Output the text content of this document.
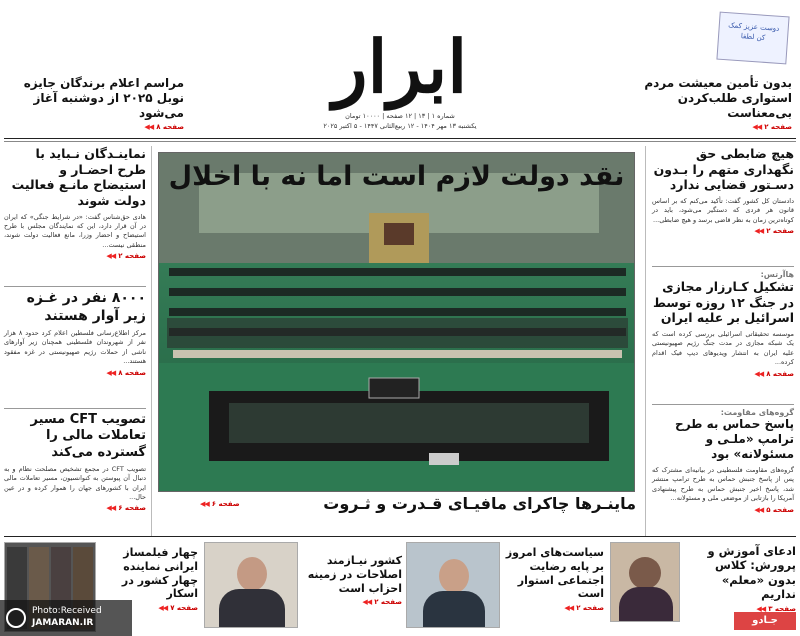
ابرار
شماره ۱ | ۱۳ | ۱۲ صفحه | ۱۰۰۰۰ تومان
یکشنبه ۱۳ مهر ۱۴۰۴ - ۱۲ ربیع‌الثانی ۱۴۴۷ - ۵ اکتبر ۲۰۲۵
دوست عزیز کمک کن لطفا
بدون تأمین معیشت مردم استواری طلب‌کردن بی‌معناست
صفحه ۲
◀◀
مراسم اعلام برندگان جایزه نوبل ۲۰۲۵ از دوشنبه آغاز می‌شود
صفحه ۸
◀◀
نقد دولت لازم است اما نه با اخلال
ماینـرها چاکرای مافیـای قـدرت و ثـروت
صفحه ۶
◀◀
هیچ ضابطی حق نگهداری متهم را بـدون دسـتور قضایی ندارد
دادستان کل کشور گفت: تأکید می‌کنم که بر اساس قانون هر فردی که دستگیر می‌شود، باید در کوتاه‌ترین زمان به نظر قاضی برسد و هیچ ضابطی...
صفحه ۲
◀◀
هاآرتس:
تشکیل کـارزار مجازی در جنگ ۱۲ روزه توسط اسرائیل بر علیه ایران
موسسه تحقیقاتی اسرائیلی بررسی کرده است که یک شبکه مجازی در مدت جنگ رژیم صهیونیستی علیه ایران به انتشار ویدیوهای دیپ فیک اقدام کرده...
صفحه ۸
◀◀
گروه‌های مقاومت:
پاسخ حماس به طرح ترامپ «ملـی و مسئولانه» بود
گروه‌های مقاومت فلسطینی در بیانیه‌ای مشترک که پس از پاسخ جنبش حماس به طرح ترامپ منتشر شد، پاسخ اخیر جنبش حماس به طرح پیشنهادی آمریکا را بازتابی از موضعی ملی و مسئولانه...
صفحه ۵
◀◀
نماینـدگان نـباید با طرح احضـار و استیضاح مانـع فعالیت دولت شوند
هادی حق‌شناس گفت: «در شرایط جنگی» که ایران در آن قرار دارد، این که نمایندگان مجلس با طرح استیضاح و احضار وزرا، مانع فعالیت دولت شوند، منطقی نیست...
صفحه ۲
◀◀
۸۰۰۰ نفر در غـزه زیر آوار هستند
مرکز اطلاع‌رسانی فلسطین اعلام کرد حدود ۸ هزار نفر از شهروندان فلسطینی همچنان زیر آوارهای ناشی از حملات رژیم صهیونیستی در غزه مفقود هستند...
صفحه ۸
◀◀
تصویب CFT مسیر تعاملات مالی را گسترده می‌کند
تصویب CFT در مجمع تشخیص مصلحت نظام و به دنبال آن پیوستن به کنوانسیون، مسیر تعاملات مالی ایران با کشورهای جهان را هموار کرده و در عین حال...
صفحه ۶
◀◀
ادعای آموزش و پرورش: کلاس بدون «معلم» نداریم
صفحه ۳
◀◀
جـادو
سیاست‌های امروز بر پایه رضایت اجتماعی استوار است
صفحه ۲
◀◀
کشور نیـازمند اصلاحات در زمینه احزاب است
صفحه ۲
◀◀
چهار فیلمساز ایرانی نماینده چهار کشور در اسکار
صفحه ۷
◀◀
Photo:Received
JAMARAN.IR
